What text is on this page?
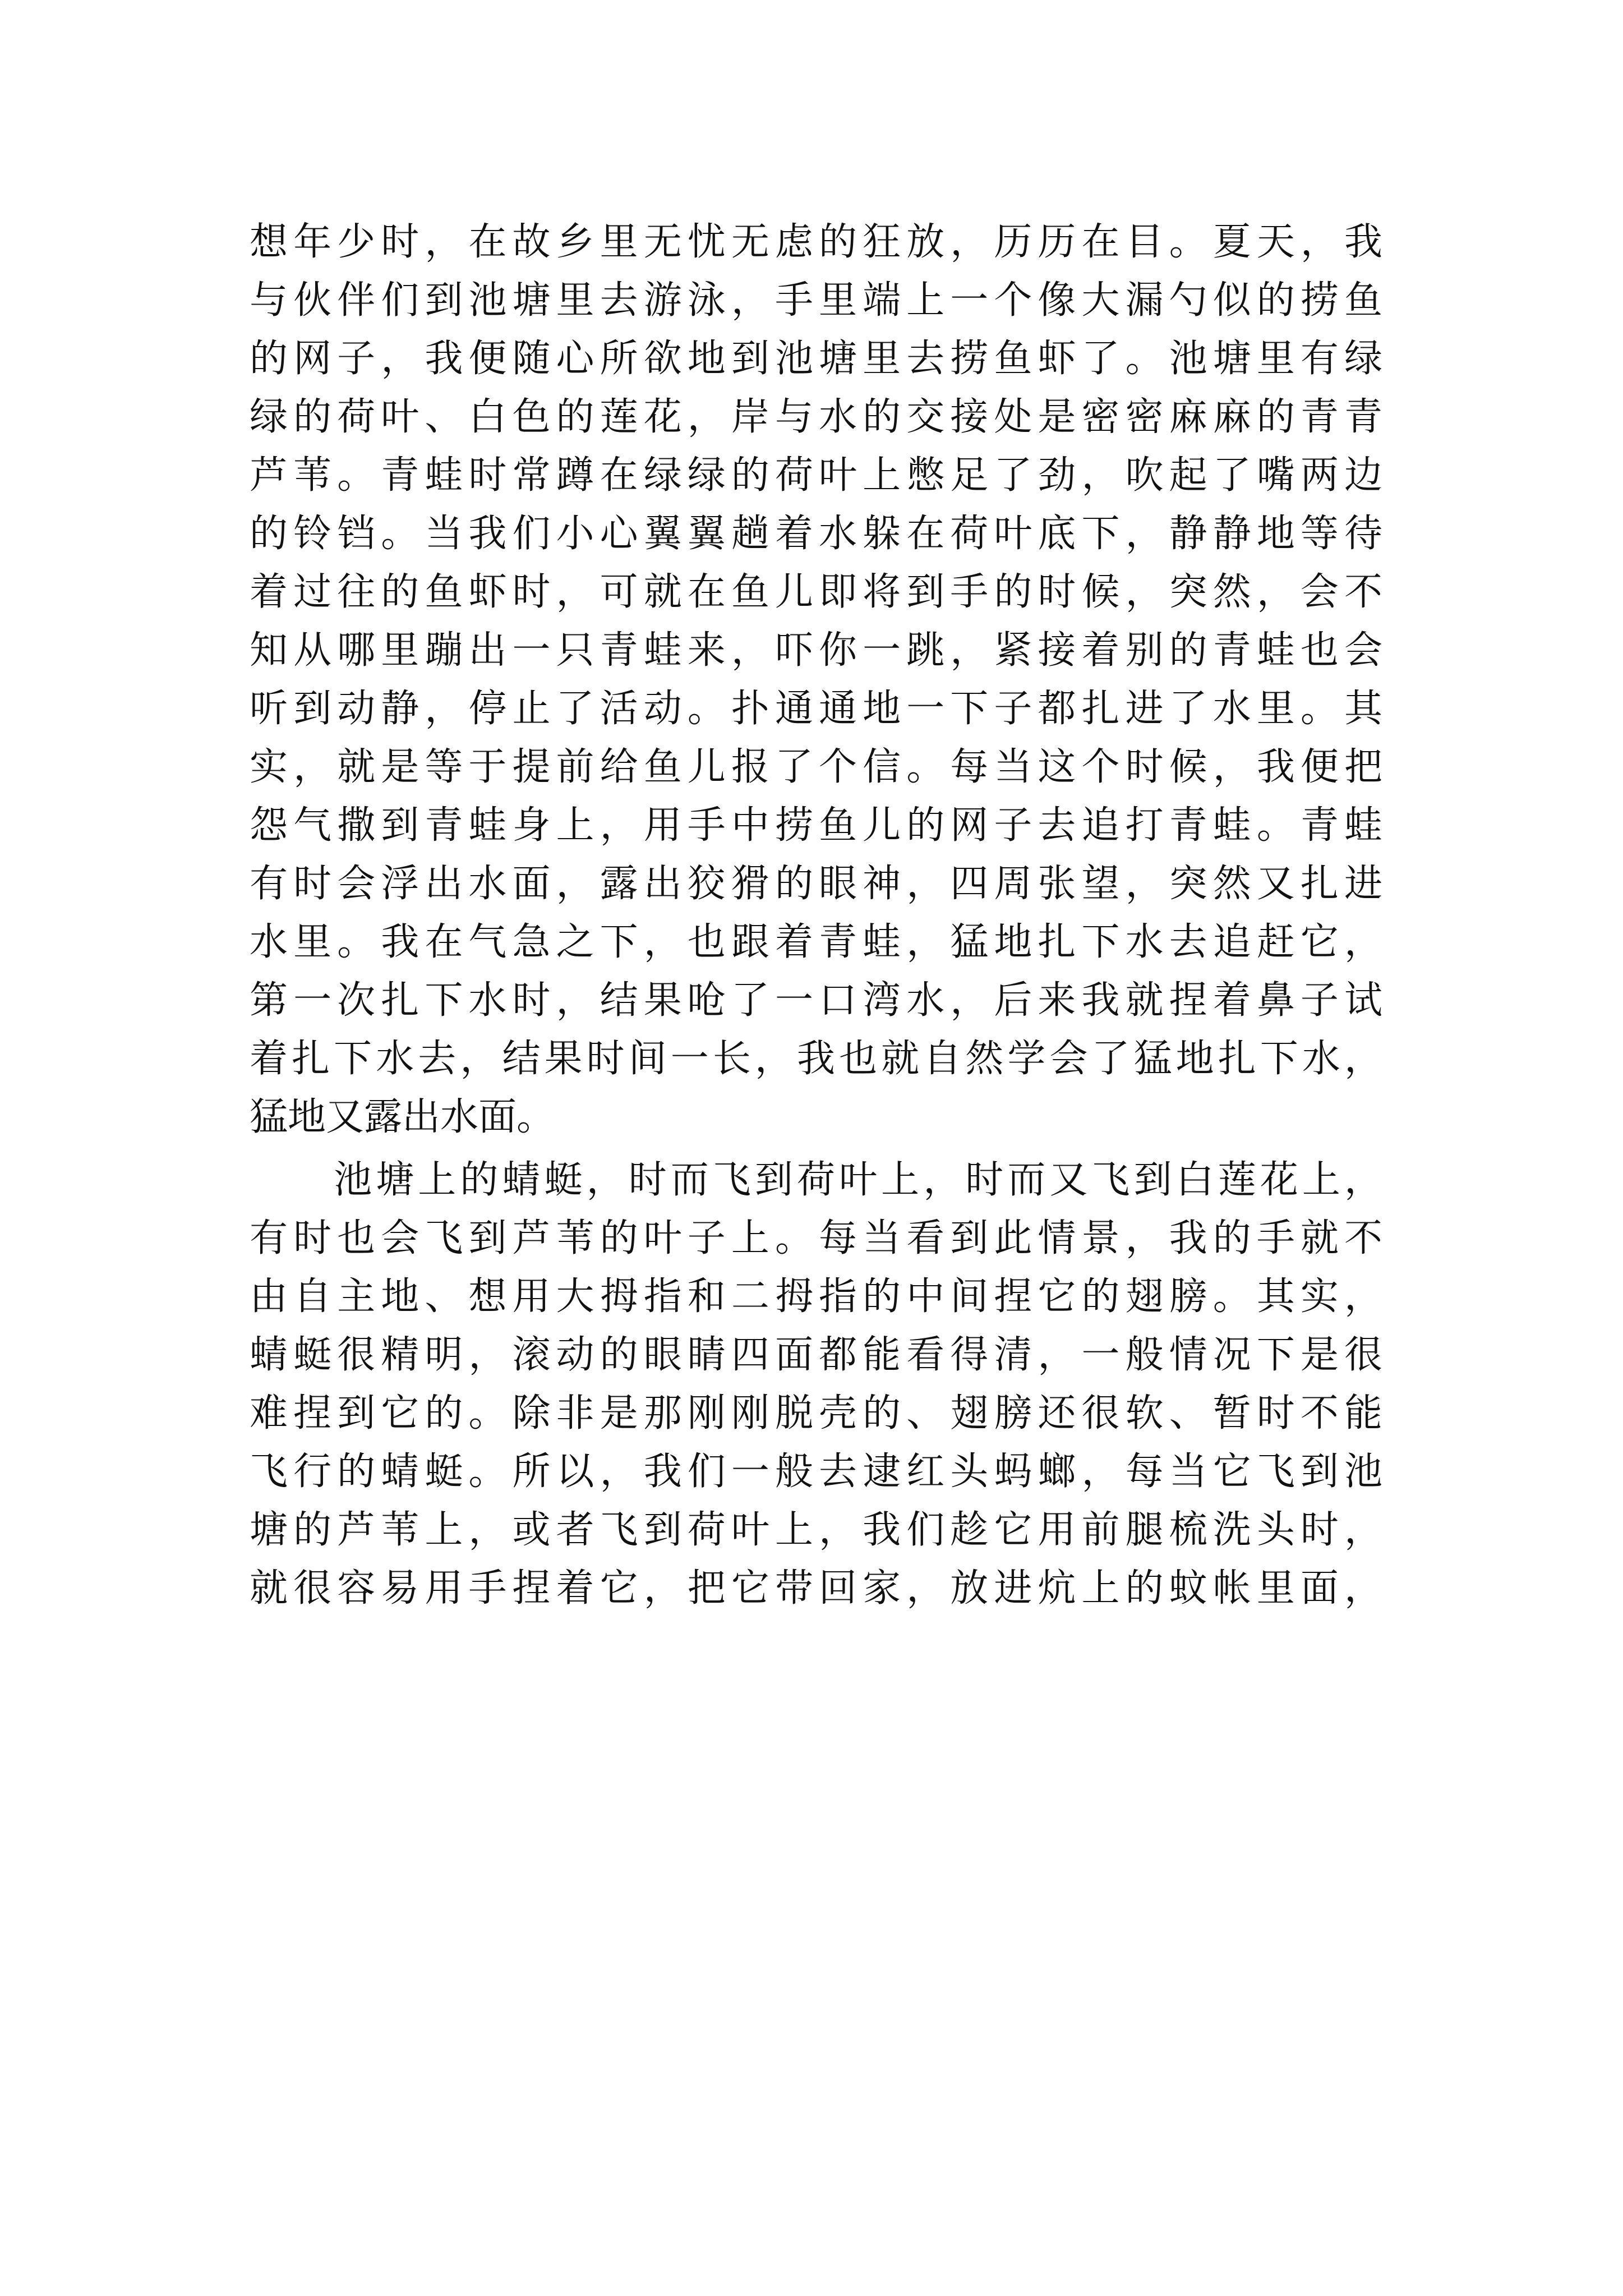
想年少时，在故乡里无忧无虑的狂放，历历在目。夏天，我
与伙伴们到池塘里去游泳，手里端上一个像大漏勺似的捞鱼
的网子，我便随心所欲地到池塘里去捞鱼虾了。池塘里有绿
绿的荷叶、白色的莲花，岸与水的交接处是密密麻麻的青青
芦苇。青蛙时常蹲在绿绿的荷叶上憋足了劲，吹起了嘴两边
的铃铛。当我们小心翼翼趟着水躲在荷叶底下，静静地等待
着过往的鱼虾时，可就在鱼儿即将到手的时候，突然，会不
知从哪里蹦出一只青蛙来，吓你一跳，紧接着别的青蛙也会
听到动静，停止了活动。扑通通地一下子都扎进了水里。其
实，就是等于提前给鱼儿报了个信。每当这个时候，我便把
怨气撒到青蛙身上，用手中捞鱼儿的网子去追打青蛙。青蛙
有时会浮出水面，露出狡猾的眼神，四周张望，突然又扎进
水里。我在气急之下，也跟着青蛙，猛地扎下水去追赶它，
第一次扎下水时，结果呛了一口湾水，后来我就捏着鼻子试
着扎下水去，结果时间一长，我也就自然学会了猛地扎下水，
猛地又露出水面。
　　池塘上的蜻蜓，时而飞到荷叶上，时而又飞到白莲花上，
有时也会飞到芦苇的叶子上。每当看到此情景，我的手就不
由自主地、想用大拇指和二拇指的中间捏它的翅膀。其实，
蜻蜓很精明，滚动的眼睛四面都能看得清，一般情况下是很
难捏到它的。除非是那刚刚脱壳的、翅膀还很软、暂时不能
飞行的蜻蜓。所以，我们一般去逮红头蚂螂，每当它飞到池
塘的芦苇上，或者飞到荷叶上，我们趁它用前腿梳洗头时，
就很容易用手捏着它，把它带回家，放进炕上的蚊帐里面，
